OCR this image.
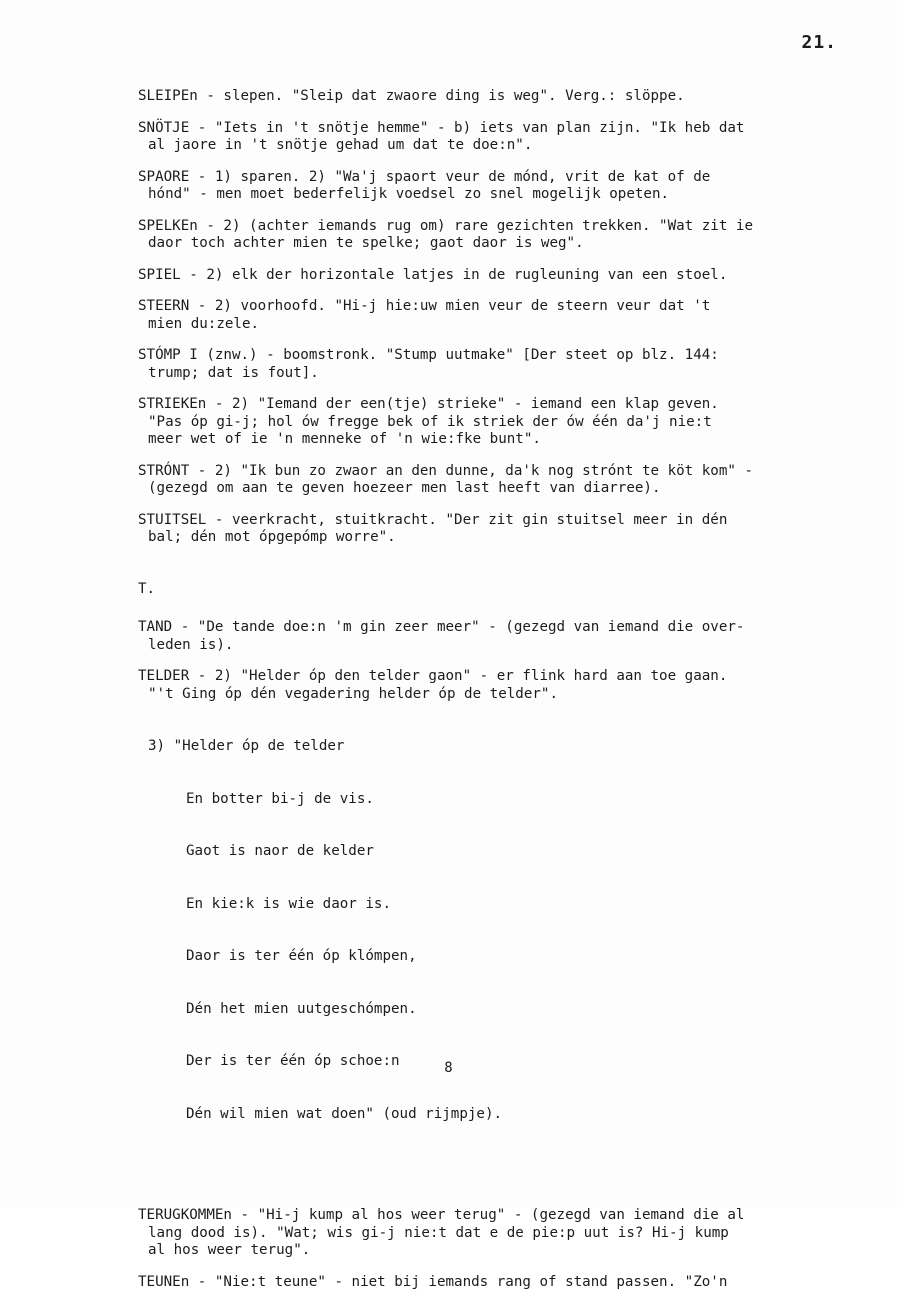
21.
SLEIPEn - slepen. "Sleip dat zwaore ding is weg". Verg.: slöppe.
SNÖTJE - "Iets in 't snötje hemme" - b) iets van plan zijn. "Ik heb dat
al jaore in 't snötje gehad um dat te doe:n".
SPAORE - 1) sparen. 2) "Wa'j spaort veur de mónd, vrit de kat of de
hónd" - men moet bederfelijk voedsel zo snel mogelijk opeten.
SPELKEn - 2) (achter iemands rug om) rare gezichten trekken. "Wat zit ie
daor toch achter mien te spelke; gaot daor is weg".
SPIEL - 2) elk der horizontale latjes in de rugleuning van een stoel.
STEERN - 2) voorhoofd. "Hi-j hie:uw mien veur de steern veur dat 't
mien du:zele.
STÓMP I (znw.) - boomstronk. "Stump uutmake" [Der steet op blz. 144:
trump; dat is fout].
STRIEKEn - 2) "Iemand der een(tje) strieke" - iemand een klap geven.
"Pas óp gi-j; hol ów fregge bek of ik striek der ów één da'j nie:t
meer wet of ie 'n menneke of 'n wie:fke bunt".
STRÓNT - 2) "Ik bun zo zwaor an den dunne, da'k nog strónt te köt kom" -
(gezegd om aan te geven hoezeer men last heeft van diarree).
STUITSEL - veerkracht, stuitkracht. "Der zit gin stuitsel meer in dén
bal; dén mot ópgepómp worre".
T.
TAND - "De tande doe:n 'm gin zeer meer" - (gezegd van iemand die over-
leden is).
TELDER - 2) "Helder óp den telder gaon" - er flink hard aan toe gaan.
"'t Ging óp dén vegadering helder óp de telder".

3) "Helder óp de telder

En botter bi-j de vis.

Gaot is naor de kelder

En kie:k is wie daor is.

Daor is ter één óp klómpen,

Dén het mien uutgeschómpen.

Der is ter één óp schoe:n

Dén wil mien wat doen" (oud rijmpje).

TERUGKOMMEn - "Hi-j kump al hos weer terug" - (gezegd van iemand die al
lang dood is). "Wat; wis gi-j nie:t dat e de pie:p uut is? Hi-j kump
al hos weer terug".
TEUNEn - "Nie:t teune" - niet bij iemands rang of stand passen. "Zo'n
8
